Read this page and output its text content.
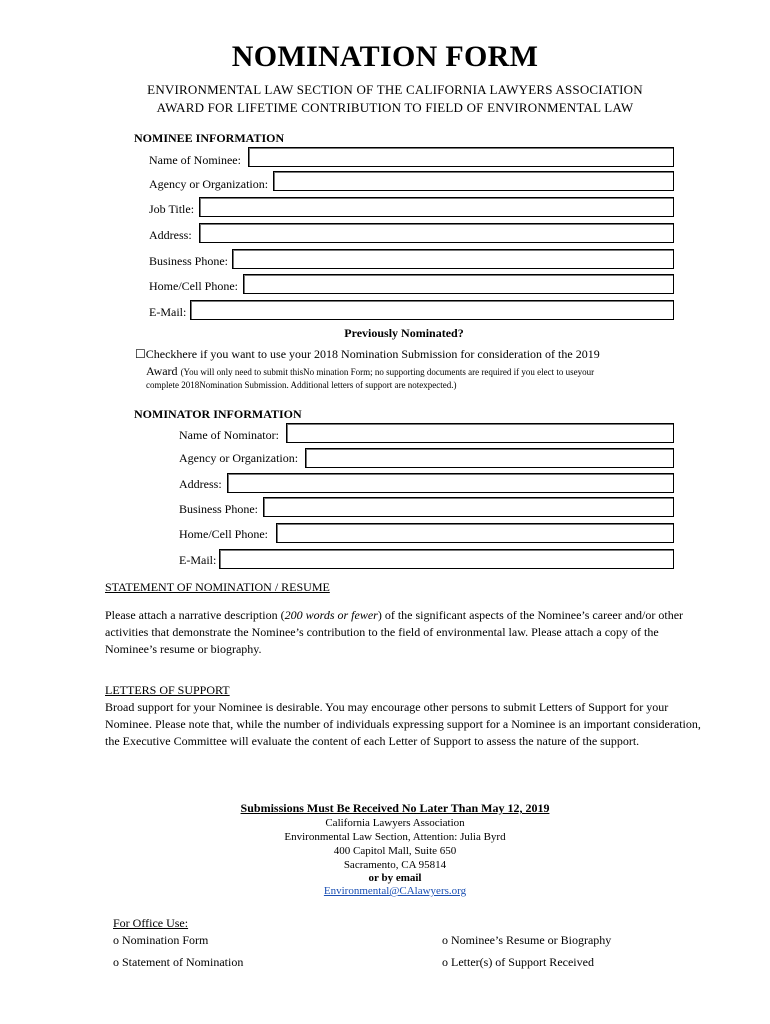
NOMINATION FORM
ENVIRONMENTAL LAW SECTION OF THE CALIFORNIA LAWYERS ASSOCIATION
AWARD FOR LIFETIME CONTRIBUTION TO FIELD OF ENVIRONMENTAL LAW
NOMINEE INFORMATION
Name of Nominee:
Agency or Organization:
Job Title:
Address:
Business Phone:
Home/Cell Phone:
E-Mail:
Previously Nominated?
☐Checkhere if you want to use your 2018 Nomination Submission for consideration of the 2019
Award (You will only need to submit thisNo mination Form; no supporting documents are required if you elect to useyour
complete 2018Nomination Submission. Additional letters of support are notexpected.)
NOMINATOR INFORMATION
Name of Nominator:
Agency or Organization:
Address:
Business Phone:
Home/Cell Phone:
E-Mail:
STATEMENT OF NOMINATION / RESUME
Please attach a narrative description (200 words or fewer) of the significant aspects of the Nominee’s career and/or other activities that demonstrate the Nominee’s contribution to the field of environmental law. Please attach a copy of the Nominee’s resume or biography.
LETTERS OF SUPPORT
Broad support for your Nominee is desirable. You may encourage other persons to submit Letters of Support for your Nominee. Please note that, while the number of individuals expressing support for a Nominee is an important consideration, the Executive Committee will evaluate the content of each Letter of Support to assess the nature of the support.
Submissions Must Be Received No Later Than May 12, 2019
California Lawyers Association
Environmental Law Section, Attention: Julia Byrd
400 Capitol Mall, Suite 650
Sacramento, CA 95814
or by email
Environmental@CAlawyers.org
For Office Use:
o Nomination Form	o Nominee’s Resume or Biography
o Statement of Nomination	o Letter(s) of Support Received
